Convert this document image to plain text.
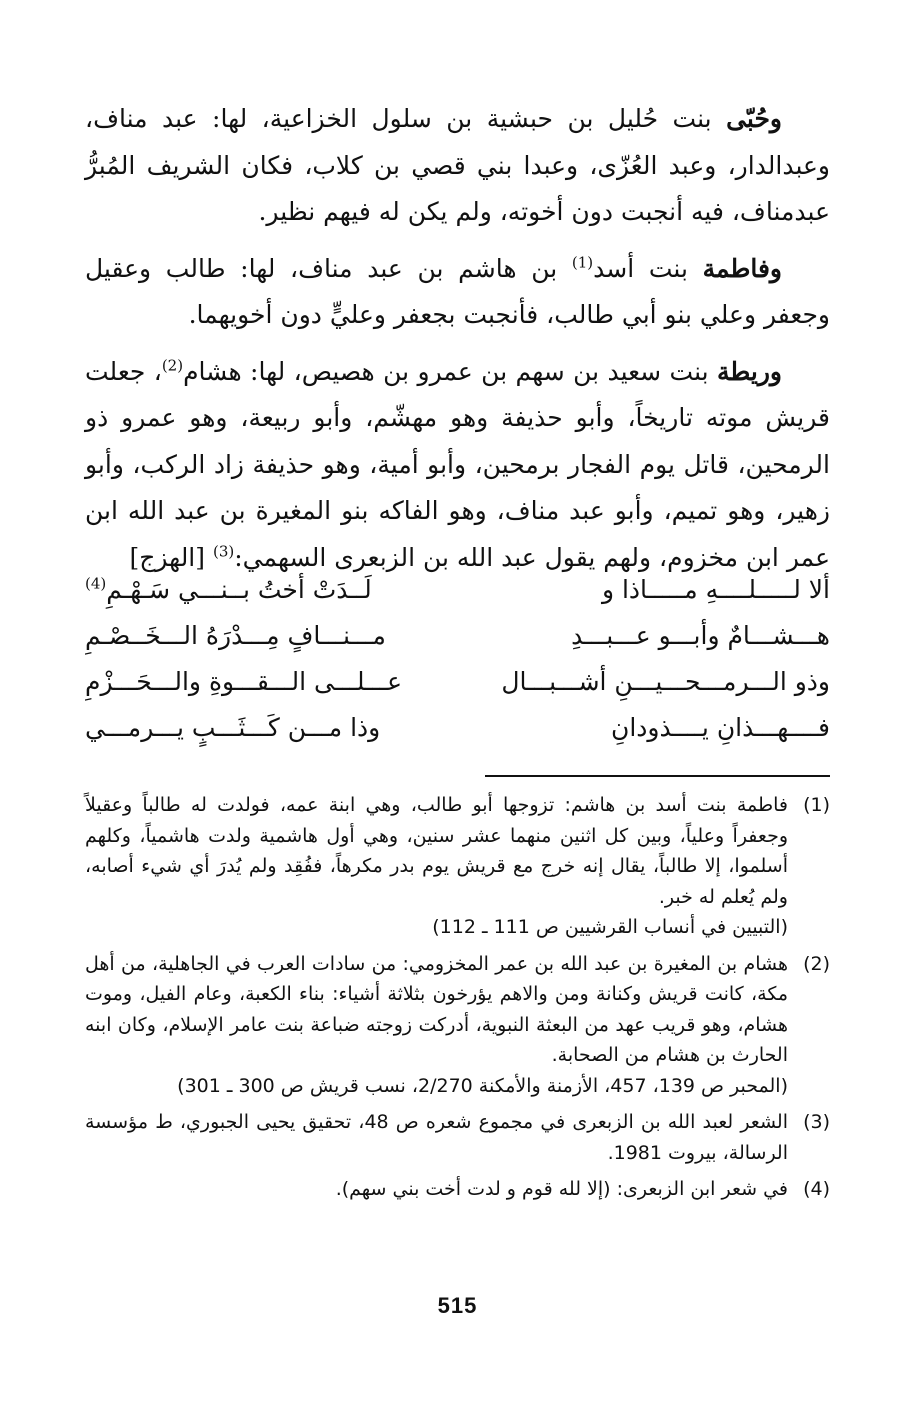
وحُبّى بنت حُليل بن حبشية بن سلول الخزاعية، لها: عبد مناف، وعبدالدار، وعبد العُزّى، وعبدا بني قصي بن كلاب، فكان الشريف المُبرُّ عبدمناف، فيه أنجبت دون أخوته، ولم يكن له فيهم نظير.

وفاطمة بنت أسد$^{(1)}$ بن هاشم بن عبد مناف، لها: طالب وعقيل وجعفر وعلي بنو أبي طالب، فأنجبت بجعفر وعليٍّ دون أخويهما.

وريطة بنت سعيد بن سهم بن عمرو بن هصيص، لها: هشام$^{(2)}$، جعلت قريش موته تاريخاً، وأبو حذيفة وهو مهشّم، وأبو ربيعة، وهو عمرو ذو الرمحين، قاتل يوم الفجار برمحين، وأبو أمية، وهو حذيفة زاد الركب، وأبو زهير، وهو تميم، وأبو عبد مناف، وهو الفاكه بنو المغيرة بن عبد الله ابن عمر ابن مخزوم، ولهم يقول عبد الله بن الزبعرى السهمي:$^{(3)}$ [الهزج]

ألا لـــــلــــهِ مـــــاذا و
لَــدَتْ أختُ بــنـــي سَـهْـمِ$^{(4)}$
هـــشـــامٌ وأبـــو عـــبـــدِ
مـــنـــافٍ مِـــدْرَهُ الـــخَــصْـمِ
وذو الـــرمـــحـــيـــنِ أشـــبـــال
عـــلـــى الـــقـــوةِ والـــحَـــزْمِ
فــــهـــذانِ يــــذودانِ
وذا مـــن كَـــثَـــبٍ يـــرمـــي
(1)
فاطمة بنت أسد بن هاشم: تزوجها أبو طالب، وهي ابنة عمه، فولدت له طالباً وعقيلاً وجعفراً وعلياً، وبين كل اثنين منهما عشر سنين، وهي أول هاشمية ولدت هاشمياً، وكلهم أسلموا، إلا طالباً، يقال إنه خرج مع قريش يوم بدر مكرهاً، ففُقِد ولم يُدرَ أي شيء أصابه، ولم يُعلم له خبر.
(التبيين في أنساب القرشيين ص 111 ـ 112)
(2)
هشام بن المغيرة بن عبد الله بن عمر المخزومي: من سادات العرب في الجاهلية، من أهل مكة، كانت قريش وكنانة ومن والاهم يؤرخون بثلاثة أشياء: بناء الكعبة، وعام الفيل، وموت هشام، وهو قريب عهد من البعثة النبوية، أدركت زوجته ضباعة بنت عامر الإسلام، وكان ابنه الحارث بن هشام من الصحابة.
(المحبر ص 139، 457، الأزمنة والأمكنة 2/270، نسب قريش ص 300 ـ 301)
(3)
الشعر لعبد الله بن الزبعرى في مجموع شعره ص 48، تحقيق يحيى الجبوري، ط مؤسسة الرسالة، بيروت 1981.
(4)
في شعر ابن الزبعرى: (إلا لله قوم و لدت أخت بني سهم).
515
